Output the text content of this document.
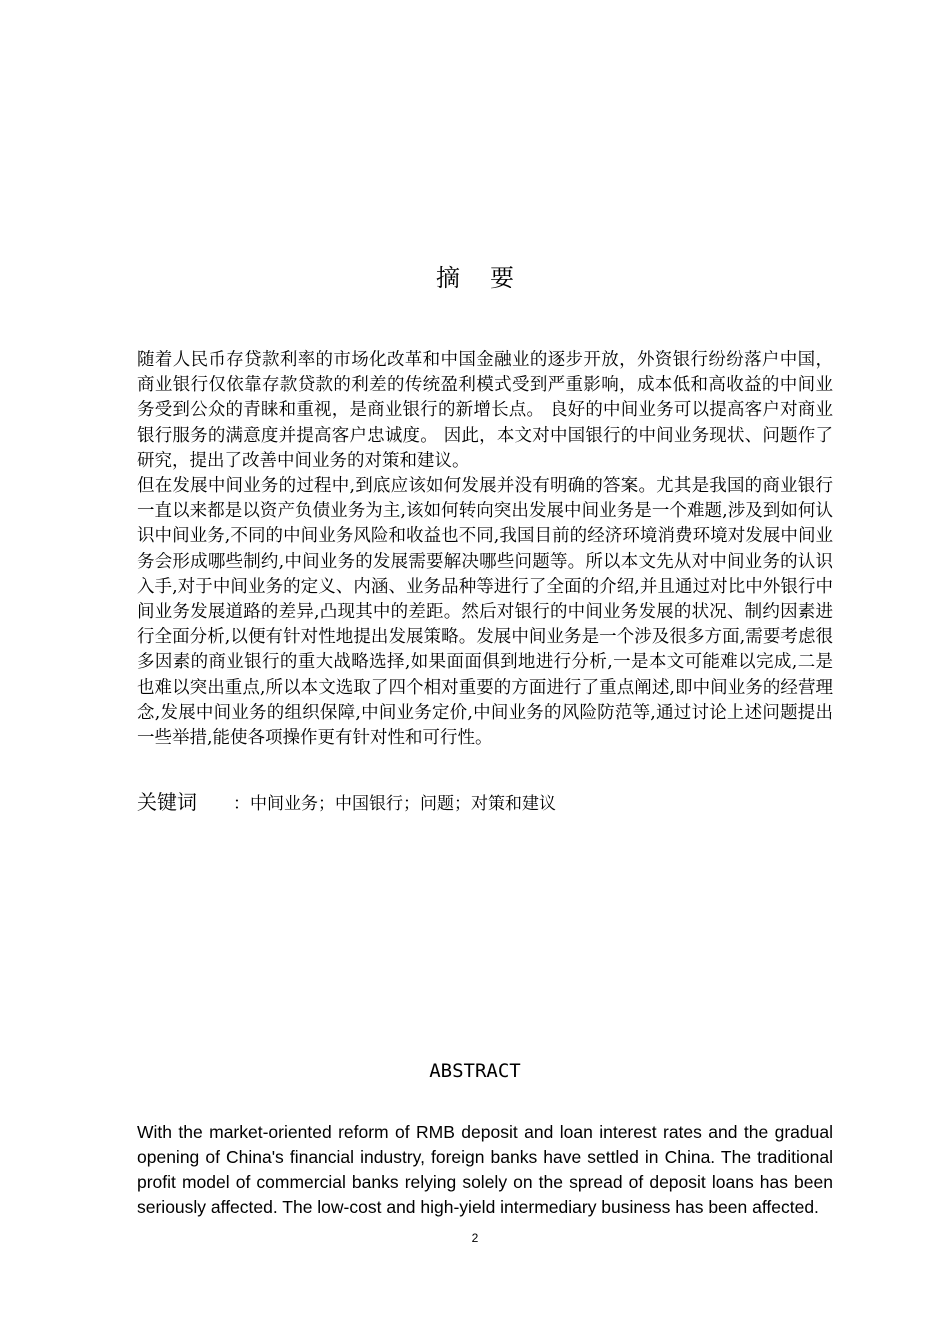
摘要

随着人民币存贷款利率的市场化改革和中国金融业的逐步开放，外资银行纷纷落户中国，商业银行仅依靠存款贷款的利差的传统盈利模式受到严重影响，成本低和高收益的中间业务受到公众的青睐和重视，是商业银行的新增长点。 良好的中间业务可以提高客户对商业银行服务的满意度并提高客户忠诚度。 因此，本文对中国银行的中间业务现状、问题作了研究，提出了改善中间业务的对策和建议。

但在发展中间业务的过程中,到底应该如何发展并没有明确的答案。尤其是我国的商业银行一直以来都是以资产负债业务为主,该如何转向突出发展中间业务是一个难题,涉及到如何认识中间业务,不同的中间业务风险和收益也不同,我国目前的经济环境消费环境对发展中间业务会形成哪些制约,中间业务的发展需要解决哪些问题等。所以本文先从对中间业务的认识入手,对于中间业务的定义、内涵、业务品种等进行了全面的介绍,并且通过对比中外银行中间业务发展道路的差异,凸现其中的差距。然后对银行的中间业务发展的状况、制约因素进行全面分析,以便有针对性地提出发展策略。发展中间业务是一个涉及很多方面,需要考虑很多因素的商业银行的重大战略选择,如果面面俱到地进行分析,一是本文可能难以完成,二是也难以突出重点,所以本文选取了四个相对重要的方面进行了重点阐述,即中间业务的经营理念,发展中间业务的组织保障,中间业务定价,中间业务的风险防范等,通过讨论上述问题提出一些举措,能使各项操作更有针对性和可行性。

关键词 ：中间业务；中国银行；问题；对策和建议
ABSTRACT

With the market-oriented reform of RMB deposit and loan interest rates and the gradual opening of China's financial industry, foreign banks have settled in China. The traditional profit model of commercial banks relying solely on the spread of deposit loans has been seriously affected. The low-cost and high-yield intermediary business has been affected.

2
